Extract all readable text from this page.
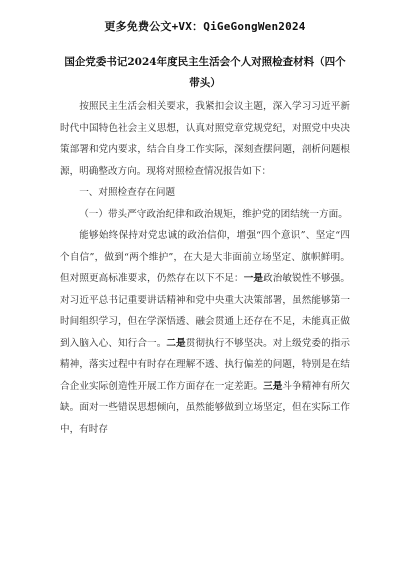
更多免费公文+VX：QiGeGongWen2024
国企党委书记2024年度民主生活会个人对照检查材料（四个带头）

按照民主生活会相关要求，我紧扣会议主题，深入学习习近平新时代中国特色社会主义思想，认真对照党章党规党纪，对照党中央决策部署和党内要求，结合自身工作实际，深刻查摆问题，剖析问题根源，明确整改方向。现将对照检查情况报告如下：

一、对照检查存在问题

（一）带头严守政治纪律和政治规矩，维护党的团结统一方面。

能够始终保持对党忠诚的政治信仰，增强“四个意识”、坚定“四个自信”，做到“两个维护”，在大是大非面前立场坚定、旗帜鲜明。但对照更高标准要求，仍然存在以下不足：一是政治敏锐性不够强。对习近平总书记重要讲话精神和党中央重大决策部署，虽然能够第一时间组织学习，但在学深悟透、融会贯通上还存在不足，未能真正做到入脑入心、知行合一。二是贯彻执行不够坚决。对上级党委的指示精神，落实过程中有时存在理解不透、执行偏差的问题，特别是在结合企业实际创造性开展工作方面存在一定差距。三是斗争精神有所欠缺。面对一些错误思想倾向，虽然能够做到立场坚定，但在实际工作中，有时存
